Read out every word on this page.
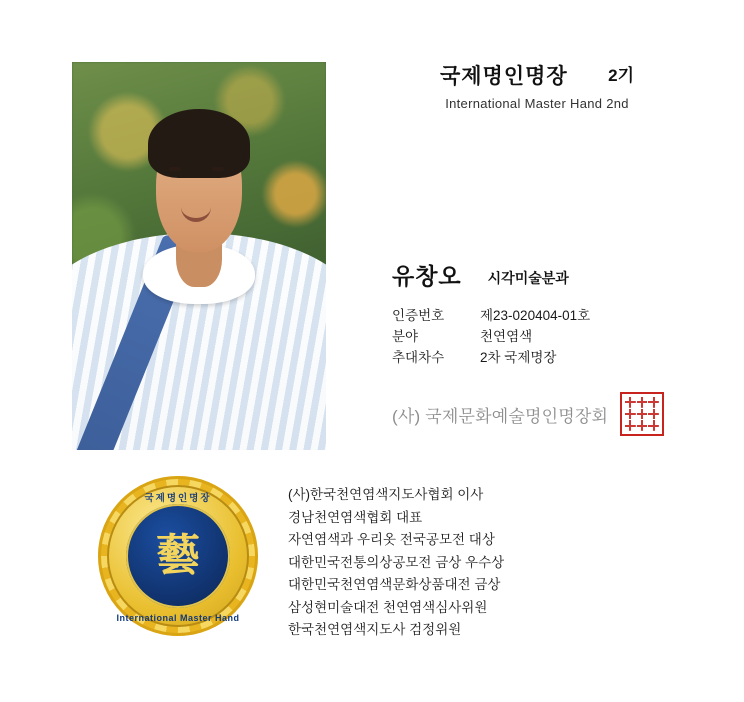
국제명인명장 2기
International Master Hand 2nd
유창오 시각미술분과
인증번호	제23-020404-01호
분야	천연염색
추대차수	2차 국제명장
(사) 국제문화예술명인명장회
藝
국제명인명장
International Master Hand
(사)한국천연염색지도사협회 이사
경남천연염색협회 대표
자연염색과 우리옷 전국공모전 대상
대한민국전통의상공모전 금상 우수상
대한민국천연염색문화상품대전 금상
삼성현미술대전 천연염색심사위원
한국천연염색지도사 검정위원
